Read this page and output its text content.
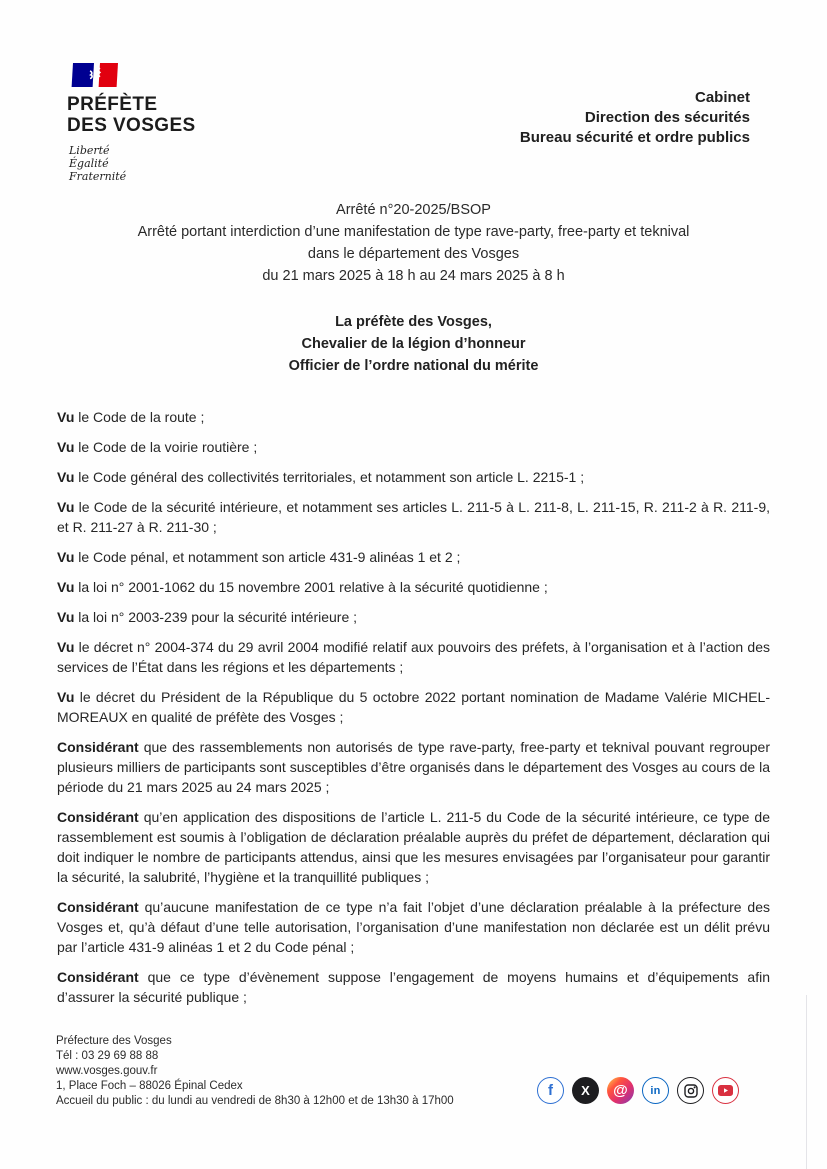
PRÉFÈTE
DES VOSGES
Liberté
Égalité
Fraternité
Cabinet
Direction des sécurités
Bureau sécurité et ordre publics
Arrêté n°20-2025/BSOP
Arrêté portant interdiction d’une manifestation de type rave-party, free-party et teknival
dans le département des Vosges
du 21 mars 2025 à 18 h au 24 mars 2025 à 8 h
La préfète des Vosges,
Chevalier de la légion d’honneur
Officier de l’ordre national du mérite

Vu le Code de la route ;

Vu le Code de la voirie routière ;

Vu le Code général des collectivités territoriales, et notamment son article L. 2215-1 ;

Vu le Code de la sécurité intérieure, et notamment ses articles L. 211-5 à L. 211-8, L. 211-15, R. 211-2 à R. 211-9, et R. 211-27 à R. 211-30 ;

Vu le Code pénal, et notamment son article 431-9 alinéas 1 et 2 ;

Vu la loi n° 2001-1062 du 15 novembre 2001 relative à la sécurité quotidienne ;

Vu la loi n° 2003-239 pour la sécurité intérieure ;

Vu le décret n° 2004-374 du 29 avril 2004 modifié relatif aux pouvoirs des préfets, à l’organisation et à l’action des services de l’État dans les régions et les départements ;

Vu le décret du Président de la République du 5 octobre 2022 portant nomination de Madame Valérie MICHEL-MOREAUX en qualité de préfète des Vosges ;

Considérant que des rassemblements non autorisés de type rave-party, free-party et teknival pouvant regrouper plusieurs milliers de participants sont susceptibles d’être organisés dans le département des Vosges au cours de la période du 21 mars 2025 au 24 mars 2025 ;

Considérant qu’en application des dispositions de l’article L. 211-5 du Code de la sécurité intérieure, ce type de rassemblement est soumis à l’obligation de déclaration préalable auprès du préfet de département, déclaration qui doit indiquer le nombre de participants attendus, ainsi que les mesures envisagées par l’organisateur pour garantir la sécurité, la salubrité, l’hygiène et la tranquillité publiques ;

Considérant qu’aucune manifestation de ce type n’a fait l’objet d’une déclaration préalable à la préfecture des Vosges et, qu’à défaut d’une telle autorisation, l’organisation d’une manifestation non déclarée est un délit prévu par l’article 431-9 alinéas 1 et 2 du Code pénal ;

Considérant que ce type d’évènement suppose l’engagement de moyens humains et d’équipements afin d’assurer la sécurité publique ;

Préfecture des Vosges
Tél : 03 29 69 88 88
www.vosges.gouv.fr
1, Place Foch – 88026 Épinal Cedex
Accueil du public : du lundi au vendredi de 8h30 à 12h00 et de 13h30 à 17h00
f X @ in
